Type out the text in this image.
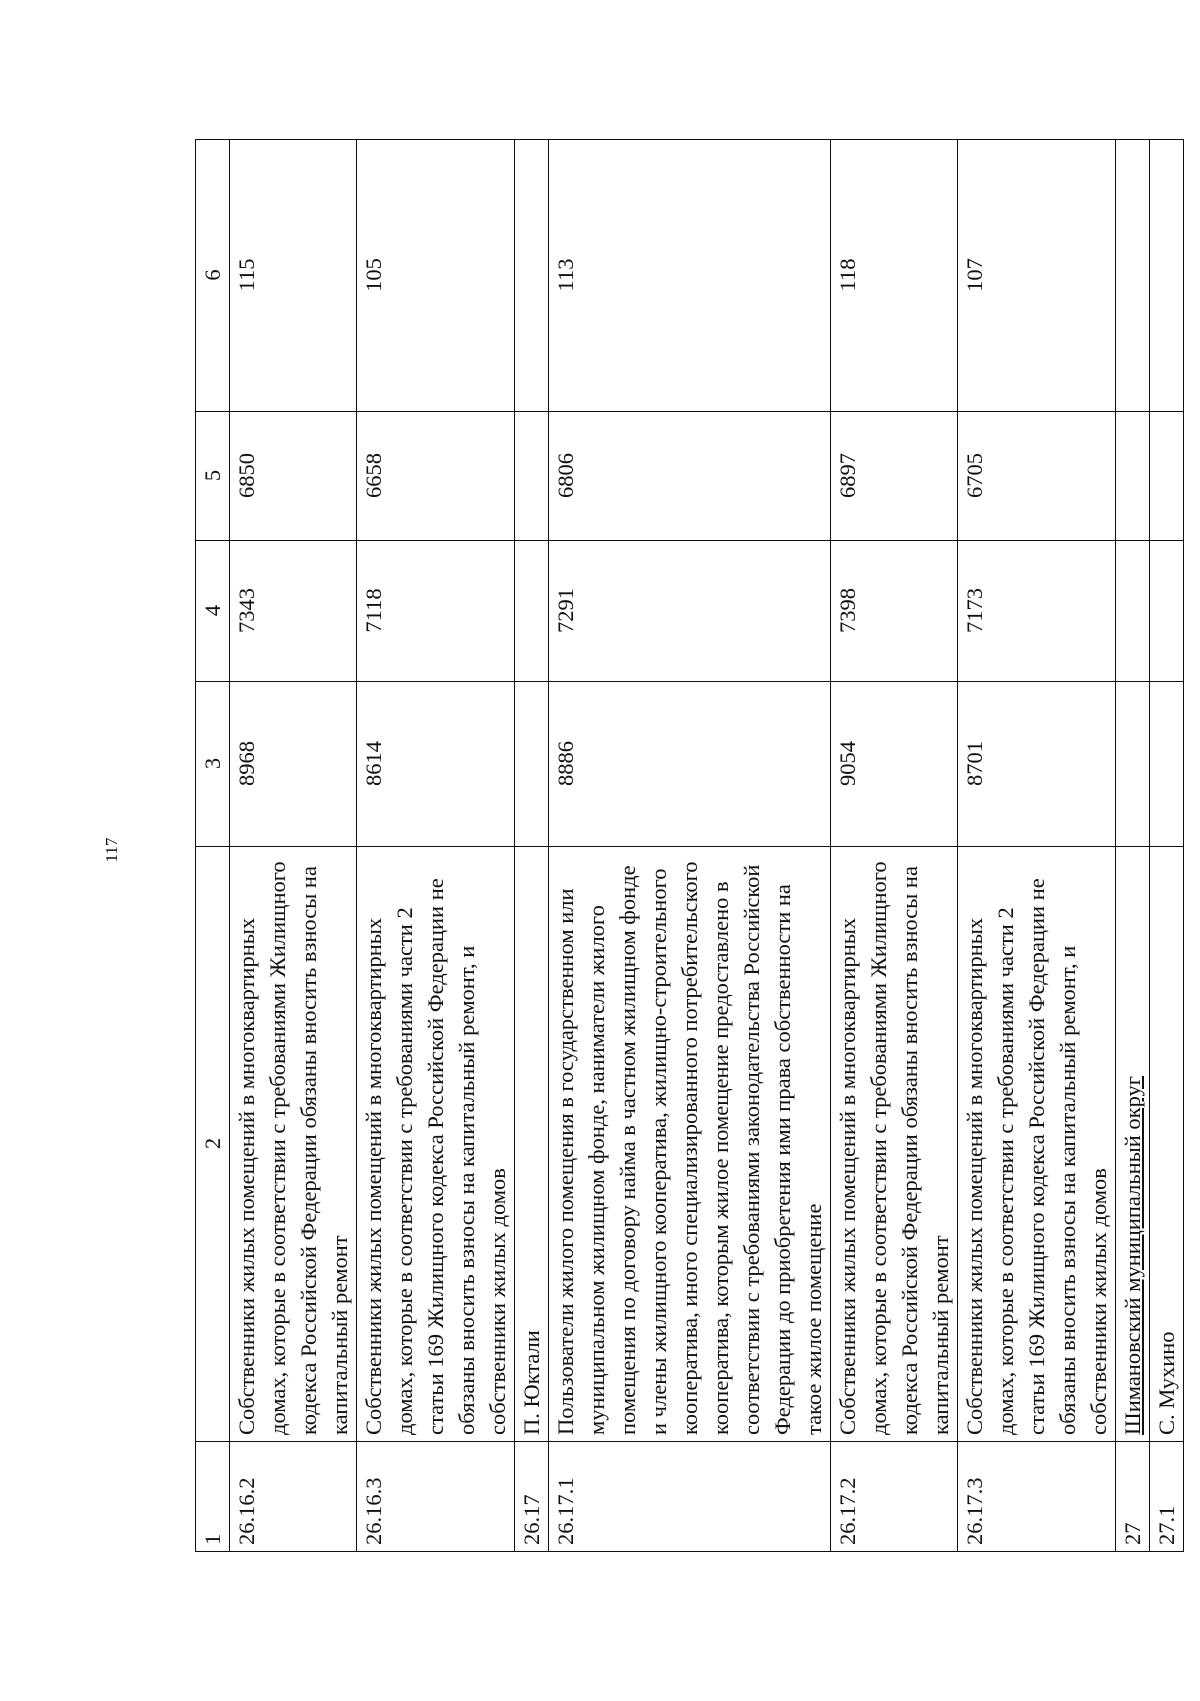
117
1	2	3	4	5	6
26.16.2	Собственники жилых помещений в многоквартирных домах, которые в соответствии с требованиями Жилищного кодекса Российской Федерации обязаны вносить взносы на капитальный ремонт	8968	7343	6850	115
26.16.3	Собственники жилых помещений в многоквартирных домах, которые в соответствии с требованиями части 2 статьи 169 Жилищного кодекса Российской Федерации не обязаны вносить взносы на капитальный ремонт, и собственники жилых домов	8614	7118	6658	105
26.17	П. Юктали				
26.17.1	Пользователи жилого помещения в государственном или муниципальном жилищном фонде, наниматели жилого помещения по договору найма в частном жилищном фонде и члены жилищного кооператива, жилищно-строительного кооператива, иного специализированного потребительского кооператива, которым жилое помещение предоставлено в соответствии с требованиями законодательства Российской Федерации до приобретения ими права собственности на такое жилое помещение	8886	7291	6806	113
26.17.2	Собственники жилых помещений в многоквартирных домах, которые в соответствии с требованиями Жилищного кодекса Российской Федерации обязаны вносить взносы на капитальный ремонт	9054	7398	6897	118
26.17.3	Собственники жилых помещений в многоквартирных домах, которые в соответствии с требованиями части 2 статьи 169 Жилищного кодекса Российской Федерации не обязаны вносить взносы на капитальный ремонт, и собственники жилых домов	8701	7173	6705	107
27	Шимановский муниципальный округ				
27.1	С. Мухино				
